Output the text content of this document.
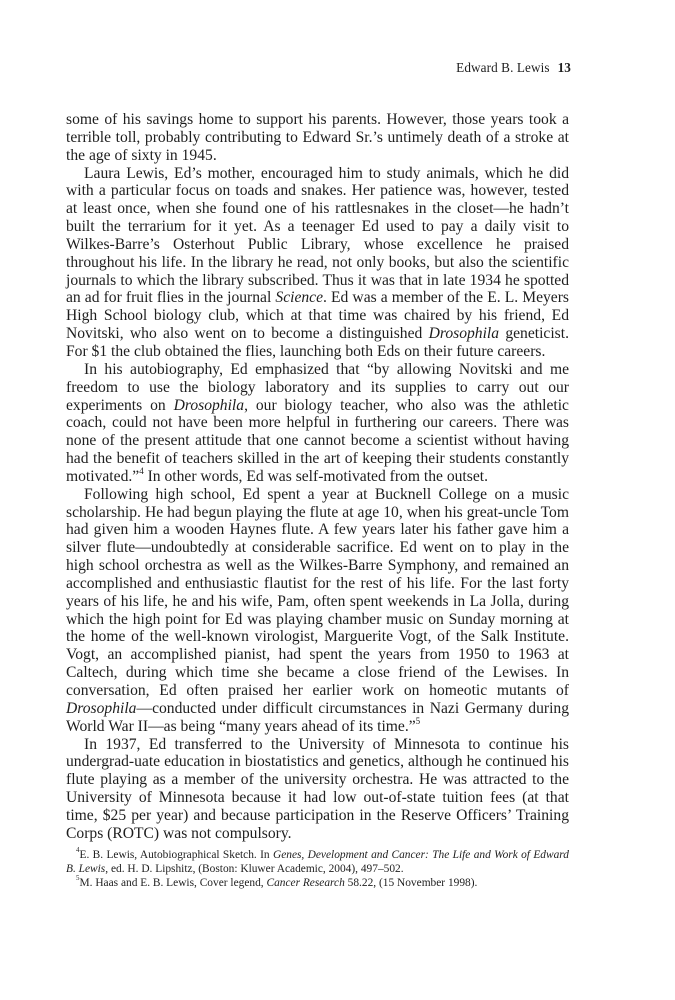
Edward B. Lewis 13

some of his savings home to support his parents. However, those years took a terrible toll, probably contributing to Edward Sr.’s untimely death of a stroke at the age of sixty in 1945.

Laura Lewis, Ed’s mother, encouraged him to study animals, which he did with a particular focus on toads and snakes. Her patience was, however, tested at least once, when she found one of his rattlesnakes in the closet—he hadn’t built the terrarium for it yet. As a teenager Ed used to pay a daily visit to Wilkes-Barre’s Osterhout Public Library, whose excellence he praised throughout his life. In the library he read, not only books, but also the scientific journals to which the library subscribed. Thus it was that in late 1934 he spotted an ad for fruit flies in the journal Science. Ed was a member of the E. L. Meyers High School biology club, which at that time was chaired by his friend, Ed Novitski, who also went on to become a distinguished Drosophila geneticist. For $1 the club obtained the flies, launching both Eds on their future careers.

In his autobiography, Ed emphasized that “by allowing Novitski and me freedom to use the biology laboratory and its supplies to carry out our experiments on Drosophila, our biology teacher, who also was the athletic coach, could not have been more helpful in furthering our careers. There was none of the present attitude that one cannot become a scientist without having had the benefit of teachers skilled in the art of keeping their students constantly motivated.”$^4$ In other words, Ed was self-motivated from the outset.

Following high school, Ed spent a year at Bucknell College on a music scholarship. He had begun playing the flute at age 10, when his great-uncle Tom had given him a wooden Haynes flute. A few years later his father gave him a silver flute—undoubtedly at considerable sacrifice. Ed went on to play in the high school orchestra as well as the Wilkes-Barre Symphony, and remained an accomplished and enthusiastic flautist for the rest of his life. For the last forty years of his life, he and his wife, Pam, often spent weekends in La Jolla, during which the high point for Ed was playing chamber music on Sunday morning at the home of the well-known virologist, Marguerite Vogt, of the Salk Institute. Vogt, an accomplished pianist, had spent the years from 1950 to 1963 at Caltech, during which time she became a close friend of the Lewises. In conversation, Ed often praised her earlier work on homeotic mutants of Drosophila—conducted under difficult circumstances in Nazi Germany during World War II—as being “many years ahead of its time.”$^5$

In 1937, Ed transferred to the University of Minnesota to continue his undergrad-uate education in biostatistics and genetics, although he continued his flute playing as a member of the university orchestra. He was attracted to the University of Minnesota because it had low out-of-state tuition fees (at that time, $25 per year) and because participation in the Reserve Officers’ Training Corps (ROTC) was not compulsory.

$^4$E. B. Lewis, Autobiographical Sketch. In Genes, Development and Cancer: The Life and Work of Edward B. Lewis, ed. H. D. Lipshitz, (Boston: Kluwer Academic, 2004), 497–502.

$^5$M. Haas and E. B. Lewis, Cover legend, Cancer Research 58.22, (15 November 1998).
